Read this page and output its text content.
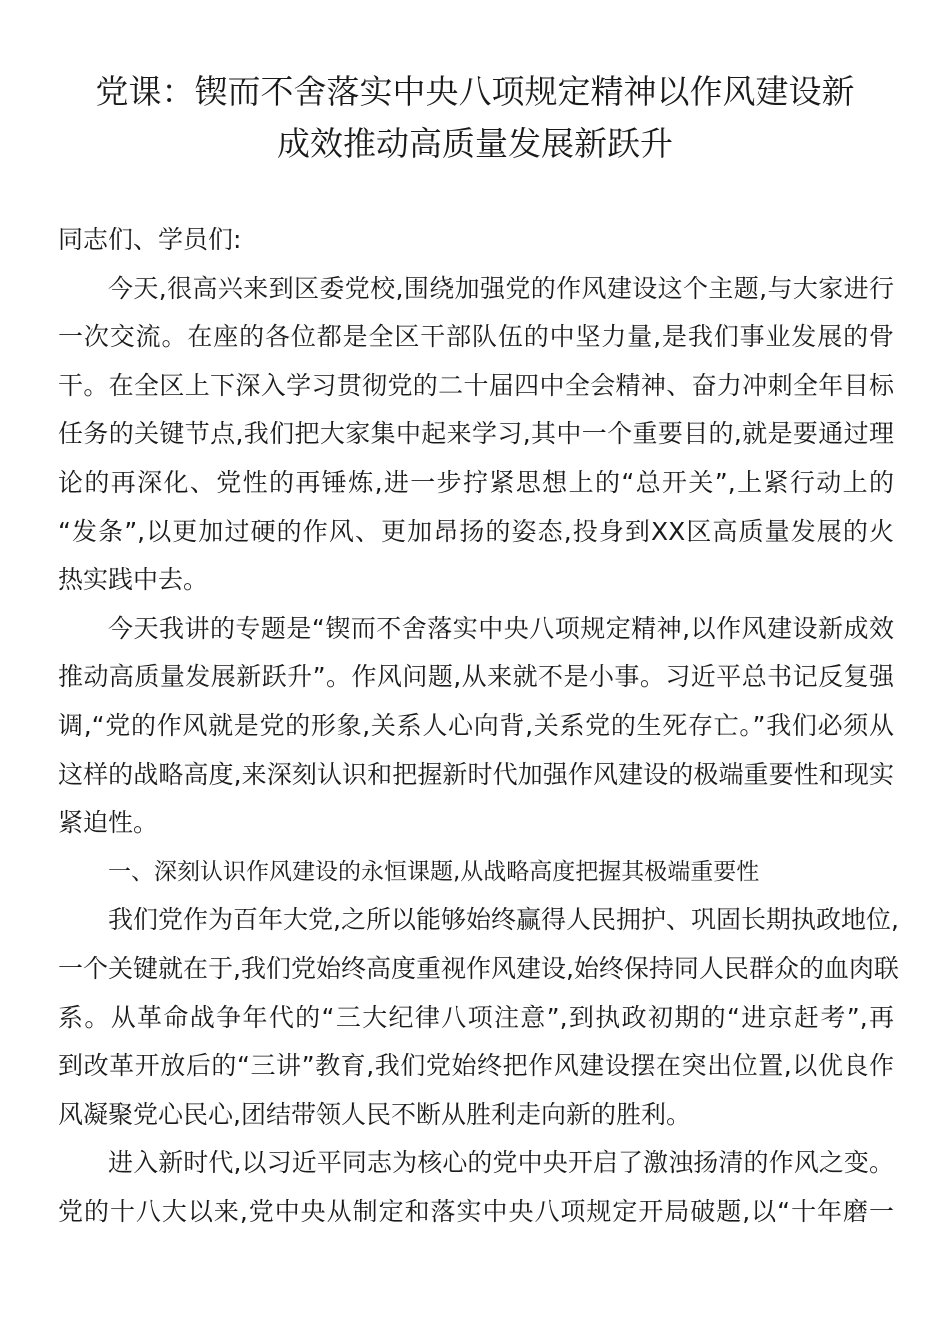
党课：锲而不舍落实中央八项规定精神以作风建设新
成效推动高质量发展新跃升
同志们、学员们:
今天,很高兴来到区委党校,围绕加强党的作风建设这个主题,与大家进行
一次交流。在座的各位都是全区干部队伍的中坚力量,是我们事业发展的骨
干。在全区上下深入学习贯彻党的二十届四中全会精神、奋力冲刺全年目标
任务的关键节点,我们把大家集中起来学习,其中一个重要目的,就是要通过理
论的再深化、党性的再锤炼,进一步拧紧思想上的“总开关”,上紧行动上的
“发条”,以更加过硬的作风、更加昂扬的姿态,投身到XX区高质量发展的火
热实践中去。
今天我讲的专题是“锲而不舍落实中央八项规定精神,以作风建设新成效
推动高质量发展新跃升”。作风问题,从来就不是小事。习近平总书记反复强
调,“党的作风就是党的形象,关系人心向背,关系党的生死存亡。”我们必须从
这样的战略高度,来深刻认识和把握新时代加强作风建设的极端重要性和现实
紧迫性。
一、深刻认识作风建设的永恒课题,从战略高度把握其极端重要性
我们党作为百年大党,之所以能够始终赢得人民拥护、巩固长期执政地位,
一个关键就在于,我们党始终高度重视作风建设,始终保持同人民群众的血肉联
系。从革命战争年代的“三大纪律八项注意”,到执政初期的“进京赶考”,再
到改革开放后的“三讲”教育,我们党始终把作风建设摆在突出位置,以优良作
风凝聚党心民心,团结带领人民不断从胜利走向新的胜利。
进入新时代,以习近平同志为核心的党中央开启了激浊扬清的作风之变。
党的十八大以来,党中央从制定和落实中央八项规定开局破题,以“十年磨一
